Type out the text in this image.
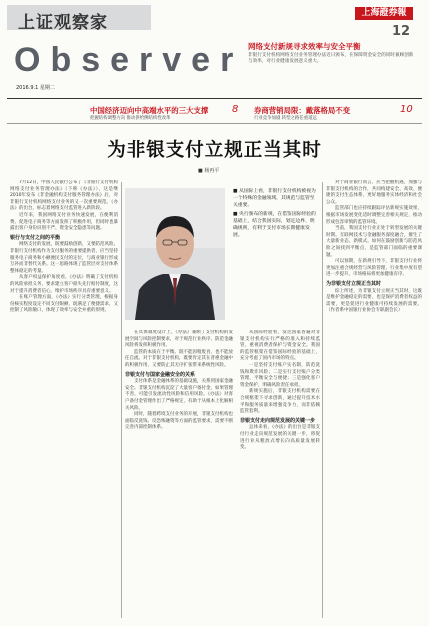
上证观察家
Observer
2016.9.1 星期二
上海證券報
12
网络支付新规寻求效率与安全平衡
非银行支付机构网络支付业务管理办法近日颁布，在保障资金安全的同时兼顾创新与效率，对行业健康发展意义重大。
中国经济迈向中高端水平的三大支撑
把握结构调整方向 推动供给侧结构性改革
8 券商营销局限：戴落格局不变
行业竞争加剧 转型之路任重道远
10
为非银支付立规正当其时
■ 杨再平

7月12日，中国人民银行公布了《非银行支付机构网络支付业务管理办法》（下称《办法》），这是继2010年发布《非金融机构支付服务管理办法》后，对非银行支付机构网络支付业务的又一次重要规范。《办法》的出台，标志着网络支付监管进入新阶段。

近年来，我国网络支付业务快速发展，在便利消费、促进电子商务等方面发挥了积极作用，但同时也暴露出客户身份识别不严、资金安全隐患等问题。

银行与支付之间的平衡

网络支付的发展，既要鼓励创新，又要防范风险。非银行支付机构作为支付服务的重要提供者，应当坚持服务电子商务和小额便民支付的定位，与商业银行形成互补而非替代关系。这一思路体现了监管层对支付体系整体稳定的考量。

从客户权益保护角度看，《办法》明确了支付机构的风险承担义务，要求建立客户损失先行赔付制度，这对于提升消费者信心、维护市场秩序具有重要意义。

在账户管理方面，《办法》实行分类管理，根据身份核实程度设定不同支付限额，既满足了便捷需求，又控制了风险敞口，体现了效率与安全并重的原则。

■ 从国际上看，非银行支付机构被视为一个特殊的金融领域，其规范与监管至关重要。

■ 央行颁布的新规，在借鉴国际经验的基础上，结合我国实际，划定边界、明确规则，有利于支付市场长期健康发展。

在具体制度设计上，《办法》兼顾了支付机构的发展空间与风险控制要求，对于规范行业秩序、防范金融风险将发挥积极作用。

监管的本质在于平衡。既不能因噎废食，也不能放任自流。对于非银支付机构，既要肯定其在普惠金融中的积极作用，又要防止其无序扩张带来系统性风险。

非银支付与国家金融安全的关系

支付体系是金融体系的基础设施，关系到国家金融安全。非银支付机构沉淀了大量客户备付金，如果管理不善，可能引发流动性风险和信用风险。《办法》对客户备付金管理作出了严格规定，有助于从根本上化解相关风险。

同时，随着跨境支付业务的开展，非银支付机构也面临反洗钱、反恐怖融资等方面的监管要求，需要不断完善内部控制体系。

从国际经验看，发达国家普遍对非银支付机构实行严格的准入和持续监管，重视消费者保护与资金安全。我国的监管框架在借鉴国际经验的基础上，充分考虑了国内市场的特点。

一是坚持支付账户实名制，防范洗钱和欺诈风险；二是实行支付账户分类管理，平衡安全与便捷；三是强化客户资金保护，明确风险责任承担。

新规实施后，非银支付机构需要在合规框架下寻求创新，通过提升技术水平和服务质量来增强竞争力，而非依赖监管套利。

非银支付走向规范发展的关键一步

总体来看，《办法》的出台是非银支付行业走向规范发展的关键一步，将促进行业从粗放式增长向高质量发展转变。

对于商业银行而言，应当把握机遇，加强与非银支付机构的合作，共同构建安全、高效、便捷的支付生态体系，更好地服务实体经济和社会公众。

监管部门也应持续跟踪评估新规实施效果，根据市场发展变化适时调整完善相关规定，推动形成包容审慎的监管环境。

当前，我国支付行业正处于转型发展的关键时期。互联网技术与金融服务深度融合，催生了大量新业态、新模式。如何在鼓励创新与防范风险之间找到平衡点，是监管部门面临的重要课题。

可以预期，在新规引导下，非银支付行业将更加注重合规经营与风险管理，行业集中度有望进一步提升，市场格局将更加健康有序。

为非银支付立规正当其时

综上所述，为非银支付立规正当其时，这既是维护金融稳定的需要，也是保护消费者权益的需要，更是促进行业健康可持续发展的需要。（作者系中国银行业协会专职副会长）
